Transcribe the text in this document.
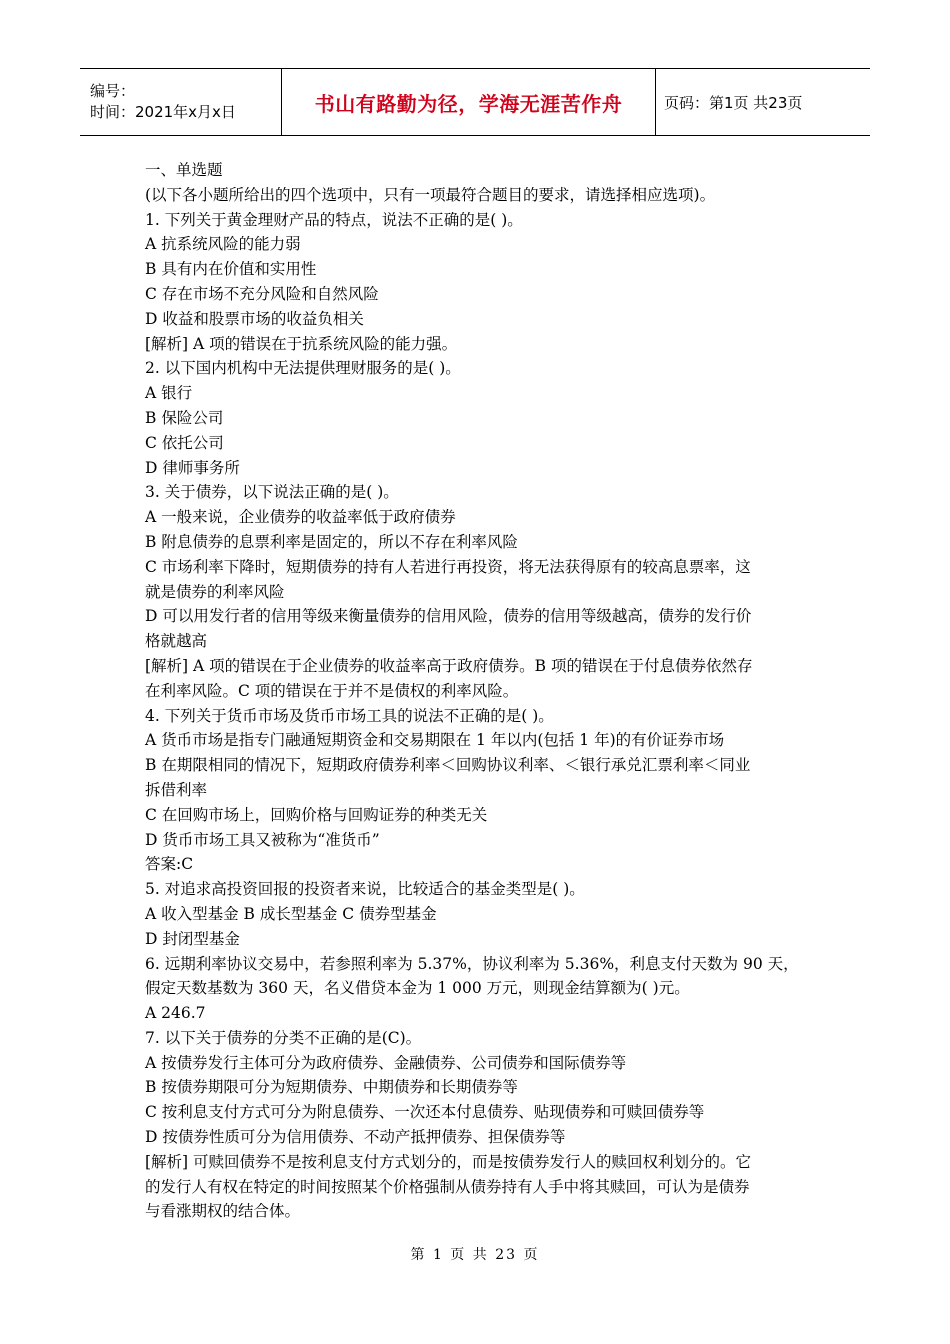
编号：
时间：2021年x月x日	书山有路勤为径，学海无涯苦作舟	页码：第1页 共23页

一、单选题

(以下各小题所给出的四个选项中，只有一项最符合题目的要求，请选择相应选项)。

1. 下列关于黄金理财产品的特点，说法不正确的是( )。

A 抗系统风险的能力弱

B 具有内在价值和实用性

C 存在市场不充分风险和自然风险

D 收益和股票市场的收益负相关

[解析] A 项的错误在于抗系统风险的能力强。

2. 以下国内机构中无法提供理财服务的是( )。

A 银行

B 保险公司

C 依托公司

D 律师事务所

3. 关于债券，以下说法正确的是( )。

A 一般来说，企业债券的收益率低于政府债券

B 附息债券的息票利率是固定的，所以不存在利率风险

C 市场利率下降时，短期债券的持有人若进行再投资，将无法获得原有的较高息票率，这

就是债券的利率风险

D 可以用发行者的信用等级来衡量债券的信用风险，债券的信用等级越高，债券的发行价

格就越高

[解析] A 项的错误在于企业债券的收益率高于政府债券。B 项的错误在于付息债券依然存

在利率风险。C 项的错误在于并不是债权的利率风险。

4. 下列关于货币市场及货币市场工具的说法不正确的是( )。

A 货币市场是指专门融通短期资金和交易期限在 1 年以内(包括 1 年)的有价证券市场

B 在期限相同的情况下，短期政府债券利率＜回购协议利率、＜银行承兑汇票利率＜同业

拆借利率

C 在回购市场上，回购价格与回购证券的种类无关

D 货币市场工具又被称为“准货币”

答案:C

5. 对追求高投资回报的投资者来说，比较适合的基金类型是( )。

A 收入型基金 B 成长型基金 C 债券型基金

D 封闭型基金

6. 远期利率协议交易中，若参照利率为 5.37%，协议利率为 5.36%，利息支付天数为 90 天，

假定天数基数为 360 天，名义借贷本金为 1 000 万元，则现金结算额为( )元。

A 246.7

7. 以下关于债券的分类不正确的是(C)。

A 按债券发行主体可分为政府债券、金融债券、公司债券和国际债券等

B 按债券期限可分为短期债券、中期债券和长期债券等

C 按利息支付方式可分为附息债券、一次还本付息债券、贴现债券和可赎回债券等

D 按债券性质可分为信用债券、不动产抵押债券、担保债券等

[解析] 可赎回债券不是按利息支付方式划分的，而是按债券发行人的赎回权利划分的。它

的发行人有权在特定的时间按照某个价格强制从债券持有人手中将其赎回，可认为是债券

与看涨期权的结合体。

第 1 页 共 23 页
